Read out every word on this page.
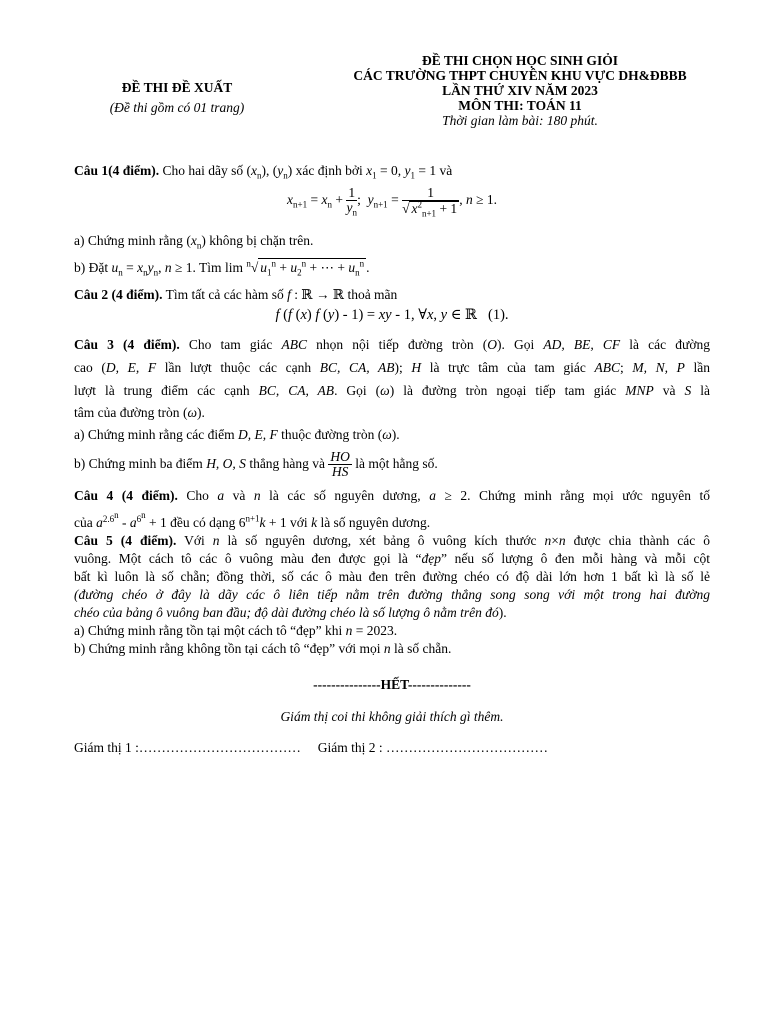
ĐỀ THI ĐỀ XUẤT
(Đề thi gồm có 01 trang)
ĐỀ THI CHỌN HỌC SINH GIỎI
CÁC TRƯỜNG THPT CHUYÊN KHU VỰC DH&ĐBBB
LẦN THỨ XIV NĂM 2023
MÔN THI: TOÁN 11
Thời gian làm bài: 180 phút.
Câu 1(4 điểm). Cho hai dãy số $(x_n)$, $(y_n)$ xác định bởi $x_1 = 0$, $y_1 = 1$ và
$x_{n+1} = x_n + \frac{1}{y_n}$ ;  $y_{n+1} = \frac{1}{√ x^2_{n+1} + 1}$ , n ≥ 1.
a) Chứng minh rằng $(x_n)$ không bị chặn trên.
b) Đặt $u_n = x_ny_n$, n ≥ 1. Tìm lim $^n$√ $u_1^n + u_2^n$ + ⋯ + $u_n^n$ .
Câu 2 (4 điểm). Tìm tất cả các hàm số f : ℝ → ℝ thoả mãn
f (f (x) f (y) - 1) = xy - 1, ∀x, y ∈ ℝ   (1).
Câu 3 (4 điểm). Cho tam giác ABC nhọn nội tiếp đường tròn (O). Gọi AD, BE, CF là các đường
cao (D, E, F lần lượt thuộc các cạnh BC, CA, AB); H là trực tâm của tam giác ABC; M, N, P lần
lượt là trung điểm các cạnh BC, CA, AB. Gọi (ω) là đường tròn ngoại tiếp tam giác MNP và S là
tâm của đường tròn (ω).
a) Chứng minh rằng các điểm D, E, F thuộc đường tròn (ω).
b) Chứng minh ba điểm H, O, S thẳng hàng và $\frac{HO}{HS}$ là một hằng số.
Câu 4 (4 điểm). Cho a và n là các số nguyên dương, a ≥ 2. Chứng minh rằng mọi ước nguyên tố
của $a^{2.6^n} - a^{6^n} + 1$ đều có dạng $6^{n+1}k + 1$ với k là số nguyên dương.
Câu 5 (4 điểm). Với n là số nguyên dương, xét bảng ô vuông kích thước n×n được chia thành các ô
vuông. Một cách tô các ô vuông màu đen được gọi là “đẹp” nếu số lượng ô đen mỗi hàng và mỗi cột
bất kì luôn là số chẵn; đồng thời, số các ô màu đen trên đường chéo có độ dài lớn hơn 1 bất kì là số lẻ
(đường chéo ở đây là dãy các ô liên tiếp nằm trên đường thẳng song song với một trong hai đường
chéo của bảng ô vuông ban đầu; độ dài đường chéo là số lượng ô nằm trên đó).
a) Chứng minh rằng tồn tại một cách tô “đẹp” khi n = 2023.
b) Chứng minh rằng không tồn tại cách tô “đẹp” với mọi n là số chẵn.
---------------HẾT--------------
Giám thị coi thi không giải thích gì thêm.
Giám thị 1 :……………………………… Giám thị 2 : ………………………………
